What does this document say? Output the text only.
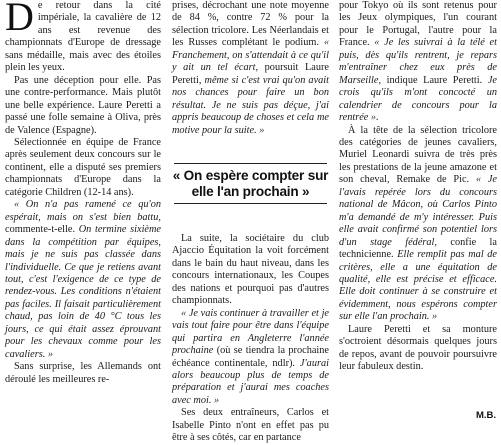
De retour dans la cité impériale, la cavalière de 12 ans est revenue des championnats d'Europe de dressage sans médaille, mais avec des étoiles plein les yeux.

Pas une déception pour elle. Pas une contre-performance. Mais plutôt une belle expérience. Laure Peretti a passé une folle semaine à Oliva, près de Valence (Espagne).

Sélectionnée en équipe de France après seulement deux concours sur le continent, elle a disputé ses premiers championnats d'Europe dans la catégorie Children (12-14 ans).

« On n'a pas ramené ce qu'on espérait, mais on s'est bien battu, commente-t-elle. On termine sixième dans la compétition par équipes, mais je ne suis pas classée dans l'individuelle. Ce que je retiens avant tout, c'est l'exigence de ce type de rendez-vous. Les conditions n'étaient pas faciles. Il faisait particulièrement chaud, pas loin de 40 °C tous les jours, ce qui était assez éprouvant pour les chevaux comme pour les cavaliers. »

Sans surprise, les Allemands ont déroulé les meilleures re-

prises, décrochant une note moyenne de 84 %, contre 72 % pour la sélection tricolore. Les Néerlandais et les Russes complétant le podium. « Franchement, on s'attendait à ce qu'il y ait un tel écart, poursuit Laure Peretti, même si c'est vrai qu'on avait nos chances pour faire un bon résultat. Je ne suis pas déçue, j'ai appris beaucoup de choses et cela me motive pour la suite. »

« On espère compter sur elle l'an prochain »

La suite, la sociétaire du club Ajaccio Équitation la voit forcément dans le bain du haut niveau, dans les concours internationaux, les Coupes des nations et pourquoi pas d'autres championnats.

« Je vais continuer à travailler et je vais tout faire pour être dans l'équipe qui partira en Angleterre l'année prochaine (où se tiendra la prochaine échéance continentale, ndlr). J'aurai alors beaucoup plus de temps de préparation et j'aurai mes coaches avec moi. »

Ses deux entraîneurs, Carlos et Isabelle Pinto n'ont en effet pas pu être à ses côtés, car en partance

pour Tokyo où ils sont retenus pour les Jeux olympiques, l'un courant pour le Portugal, l'autre pour la France. « Je les suivrai à la télé et puis, dès qu'ils rentrent, je repars m'entraîner chez eux près de Marseille, indique Laure Peretti. Je crois qu'ils m'ont concocté un calendrier de concours pour la rentrée ».

À la tête de la sélection tricolore des catégories de jeunes cavaliers, Muriel Leonardi suivra de très près les prestations de la jeune amazone et son cheval, Remake de Pic. « Je l'avais repérée lors du concours national de Mâcon, où Carlos Pinto m'a demandé de m'y intéresser. Puis elle avait confirmé son potentiel lors d'un stage fédéral, confie la technicienne. Elle remplit pas mal de critères, elle a une équitation de qualité, elle est précise et efficace. Elle doit continuer à se construire et évidemment, nous espérons compter sur elle l'an prochain. »

Laure Peretti et sa monture s'octroient désormais quelques jours de repos, avant de pouvoir poursuivre leur fabuleux destin.

M.B.
